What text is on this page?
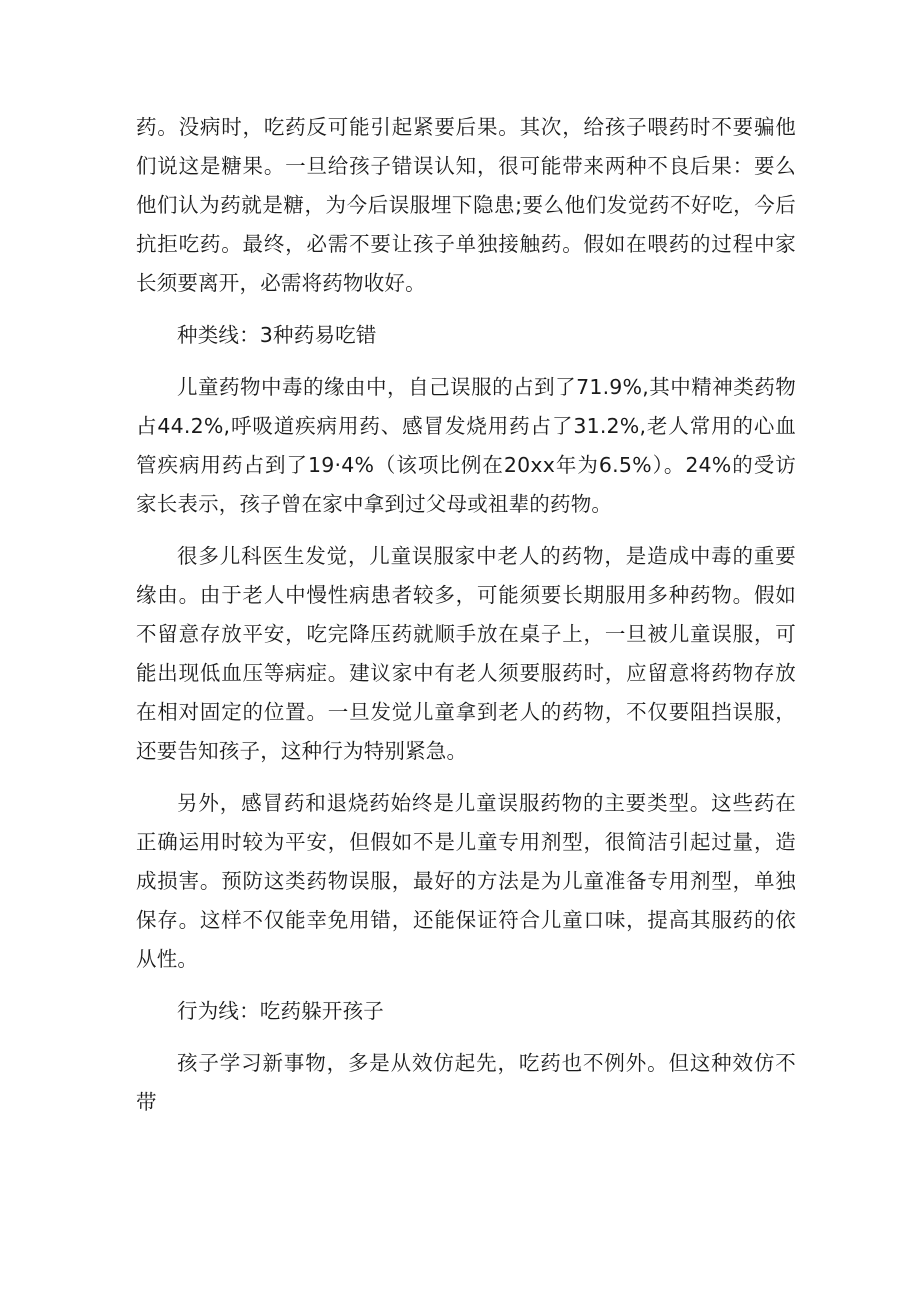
药。没病时，吃药反可能引起紧要后果。其次，给孩子喂药时不要骗他们说这是糖果。一旦给孩子错误认知，很可能带来两种不良后果：要么他们认为药就是糖，为今后误服埋下隐患;要么他们发觉药不好吃，今后抗拒吃药。最终，必需不要让孩子单独接触药。假如在喂药的过程中家长须要离开，必需将药物收好。

种类线：3种药易吃错

儿童药物中毒的缘由中，自己误服的占到了71.9%,其中精神类药物占44.2%,呼吸道疾病用药、感冒发烧用药占了31.2%,老人常用的心血管疾病用药占到了19·4%（该项比例在20xx年为6.5%）。24%的受访家长表示，孩子曾在家中拿到过父母或祖辈的药物。

很多儿科医生发觉，儿童误服家中老人的药物，是造成中毒的重要缘由。由于老人中慢性病患者较多，可能须要长期服用多种药物。假如不留意存放平安，吃完降压药就顺手放在桌子上，一旦被儿童误服，可能出现低血压等病症。建议家中有老人须要服药时，应留意将药物存放在相对固定的位置。一旦发觉儿童拿到老人的药物，不仅要阻挡误服，还要告知孩子，这种行为特别紧急。

另外，感冒药和退烧药始终是儿童误服药物的主要类型。这些药在正确运用时较为平安，但假如不是儿童专用剂型，很简洁引起过量，造成损害。预防这类药物误服，最好的方法是为儿童准备专用剂型，单独保存。这样不仅能幸免用错，还能保证符合儿童口味，提高其服药的依从性。

行为线：吃药躲开孩子

孩子学习新事物，多是从效仿起先，吃药也不例外。但这种效仿不带
